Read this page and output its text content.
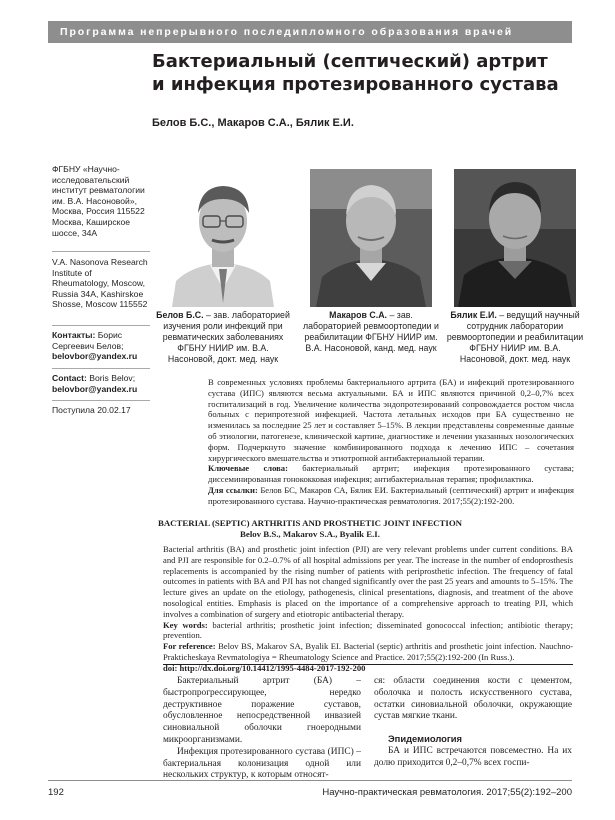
Программа непрерывного последипломного образования врачей
Бактериальный (септический) артрит
и инфекция протезированного сустава
Белов Б.С., Макаров С.А., Бялик Е.И.
ФГБНУ «Научно-исследовательский институт ревматологии им. В.А. Насоновой», Москва, Россия 115522 Москва, Каширское шоссе, 34А
V.A. Nasonova Research Institute of Rheumatology, Moscow, Russia 34A, Kashirskoe Shosse, Moscow 115552
Контакты: Борис Сергеевич Белов;
belovbor@yandex.ru
Contact: Boris Belov;
belovbor@yandex.ru
Поступила 20.02.17
Белов Б.С. – зав. лабораторией изучения роли инфекций при ревматических заболеваниях ФГБНУ НИИР им. В.А. Насоновой, докт. мед. наук
Макаров С.А. – зав. лабораторией ревмоортопедии и реабилитации ФГБНУ НИИР им. В.А. Насоновой, канд. мед. наук
Бялик Е.И. – ведущий научный сотрудник лаборатории ревмоортопедии и реабилитации ФГБНУ НИИР им. В.А. Насоновой, докт. мед. наук
В современных условиях проблемы бактериального артрита (БА) и инфекций протезированного сустава (ИПС) являются весьма актуальными. БА и ИПС являются причиной 0,2–0,7% всех госпитализаций в год. Увеличение количества эндопротезирований сопровождается ростом числа больных с перипротезной инфекцией. Частота летальных исходов при БА существенно не изменилась за последние 25 лет и составляет 5–15%. В лекции представлены современные данные об этиологии, патогенезе, клинической картине, диагностике и лечении указанных нозологических форм. Подчеркнуто значение комбинированного подхода к лечению ИПС – сочетания хирургического вмешательства и этиотропной антибактериальной терапии.
Ключевые слова: бактериальный артрит; инфекция протезированного сустава; диссеминированная гонококковая инфекция; антибактериальная терапия; профилактика.
Для ссылки: Белов БС, Макаров СА, Бялик ЕИ. Бактериальный (септический) артрит и инфекция протезированного сустава. Научно-практическая ревматология. 2017;55(2):192-200.
BACTERIAL (SEPTIC) ARTHRITIS AND PROSTHETIC JOINT INFECTION
Belov B.S., Makarov S.A., Byalik E.I.
Bacterial arthritis (BA) and prosthetic joint infection (PJI) are very relevant problems under current conditions. BA and PJI are responsible for 0.2–0.7% of all hospital admissions per year. The increase in the number of endoprosthesis replacements is accompanied by the rising number of patients with periprosthetic infection. The frequency of fatal outcomes in patients with BA and PJI has not changed significantly over the past 25 years and amounts to 5–15%. The lecture gives an update on the etiology, pathogenesis, clinical presentations, diagnosis, and treatment of the above nosological entities. Emphasis is placed on the importance of a comprehensive approach to treating PJI, which involves a combination of surgery and etiotropic antibacterial therapy.
Key words: bacterial arthritis; prosthetic joint infection; disseminated gonococcal infection; antibiotic therapy; prevention.
For reference: Belov BS, Makarov SA, Byalik EI. Bacterial (septic) arthritis and prosthetic joint infection. Nauchno-Prakticheskaya Revmatologiya = Rheumatology Science and Practice. 2017;55(2):192-200 (In Russ.).
doi: http://dx.doi.org/10.14412/1995-4484-2017-192-200

Бактериальный артрит (БА) – быстропрогрессирующее, нередко деструктивное поражение суставов, обусловленное непосредственной инвазией синовиальной оболочки гноеродными микроорганизмами.

Инфекция протезированного сустава (ИПС) – бактериальная колонизация одной или нескольких структур, к которым относят-

ся: области соединения кости с цементом, оболочка и полость искусственного сустава, остатки синовиальной оболочки, окружающие сустав мягкие ткани.

Эпидемиология

БА и ИПС встречаются повсеместно. На их долю приходится 0,2–0,7% всех госпи-

192	Научно-практическая ревматология. 2017;55(2):192–200
